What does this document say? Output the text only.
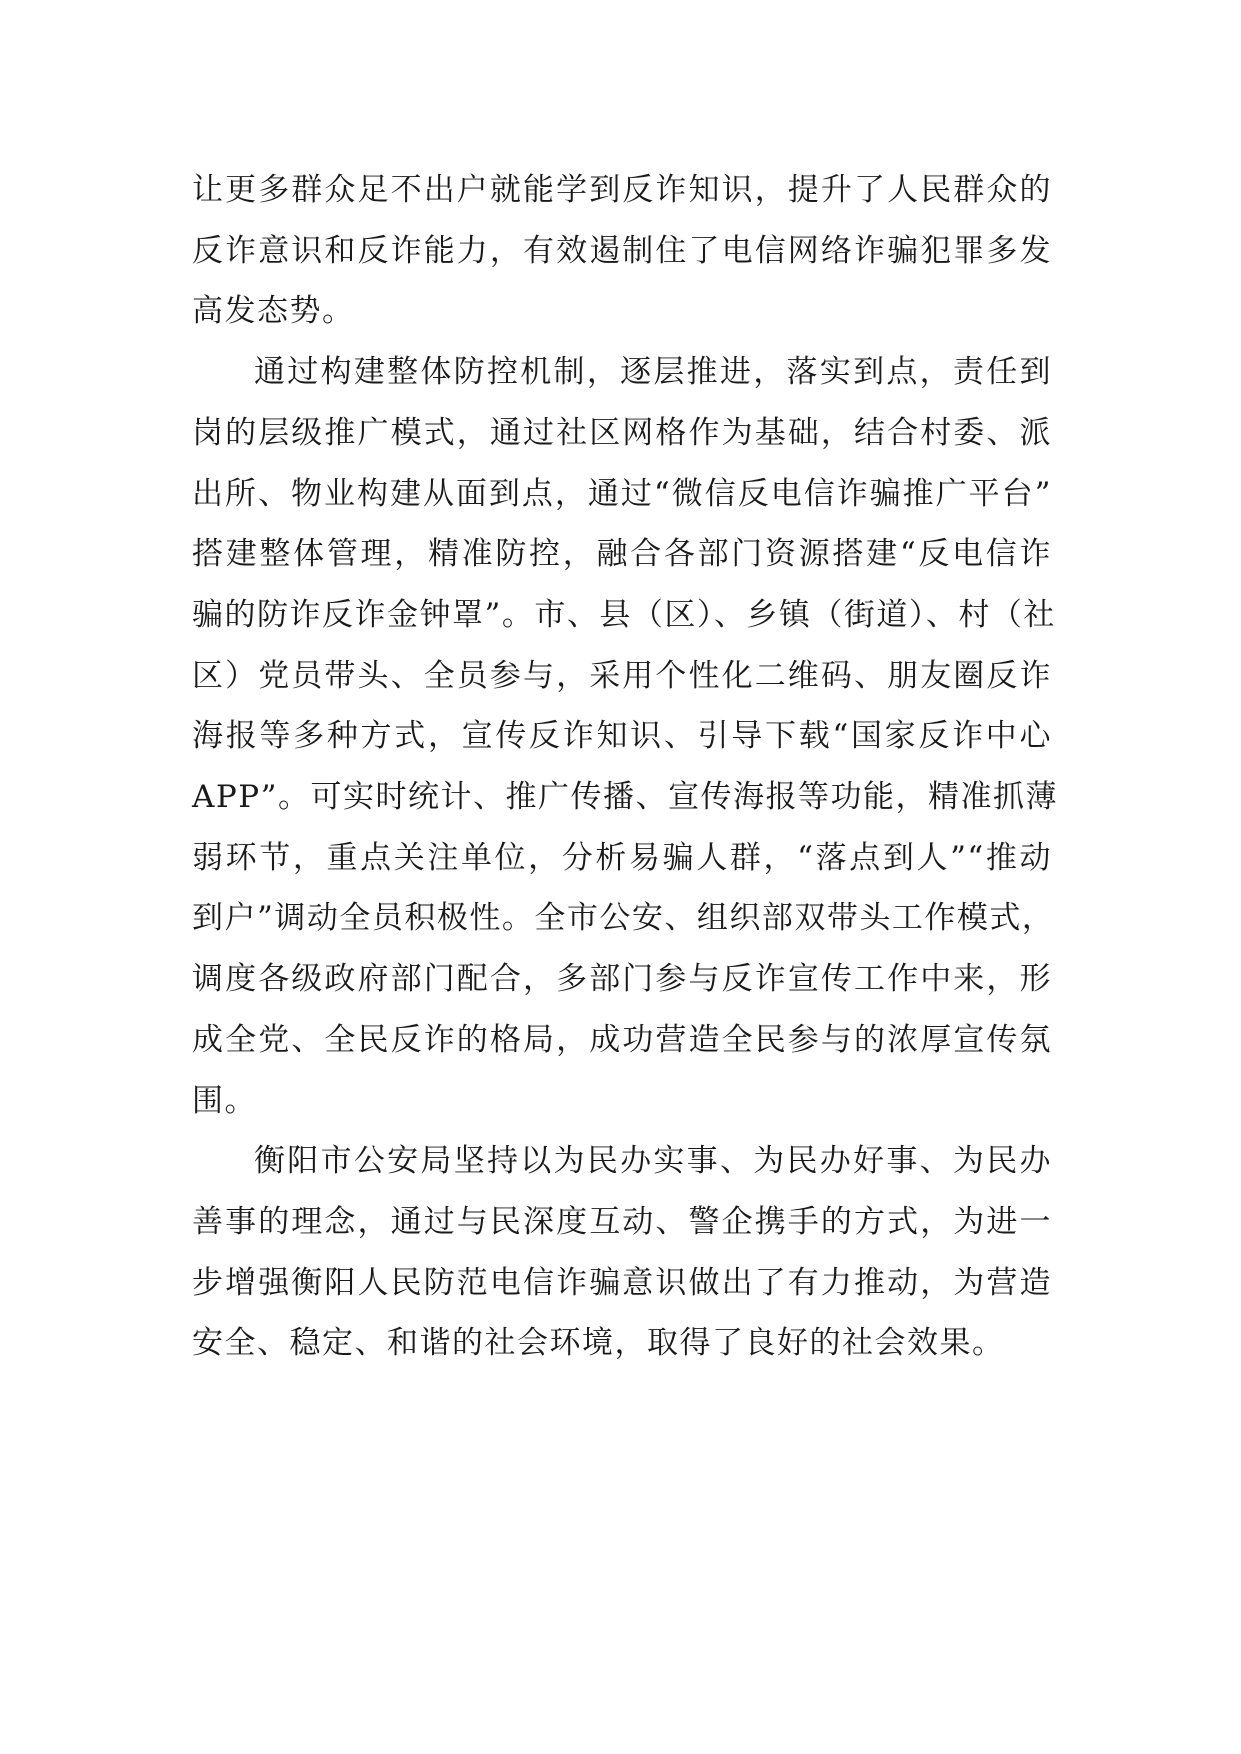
让更多群众足不出户就能学到反诈知识，提升了人民群众的

反诈意识和反诈能力，有效遏制住了电信网络诈骗犯罪多发

高发态势。

通过构建整体防控机制，逐层推进，落实到点，责任到

岗的层级推广模式，通过社区网格作为基础，结合村委、派

出所、物业构建从面到点，通过“微信反电信诈骗推广平台”

搭建整体管理，精准防控，融合各部门资源搭建“反电信诈

骗的防诈反诈金钟罩”。市、县（区）、乡镇（街道）、村（社

区）党员带头、全员参与，采用个性化二维码、朋友圈反诈

海报等多种方式，宣传反诈知识、引导下载“国家反诈中心

APP”。可实时统计、推广传播、宣传海报等功能，精准抓薄

弱环节，重点关注单位，分析易骗人群，“落点到人”“推动

到户”调动全员积极性。全市公安、组织部双带头工作模式，

调度各级政府部门配合，多部门参与反诈宣传工作中来，形

成全党、全民反诈的格局，成功营造全民参与的浓厚宣传氛

围。

衡阳市公安局坚持以为民办实事、为民办好事、为民办

善事的理念，通过与民深度互动、警企携手的方式，为进一

步增强衡阳人民防范电信诈骗意识做出了有力推动，为营造

安全、稳定、和谐的社会环境，取得了良好的社会效果。
